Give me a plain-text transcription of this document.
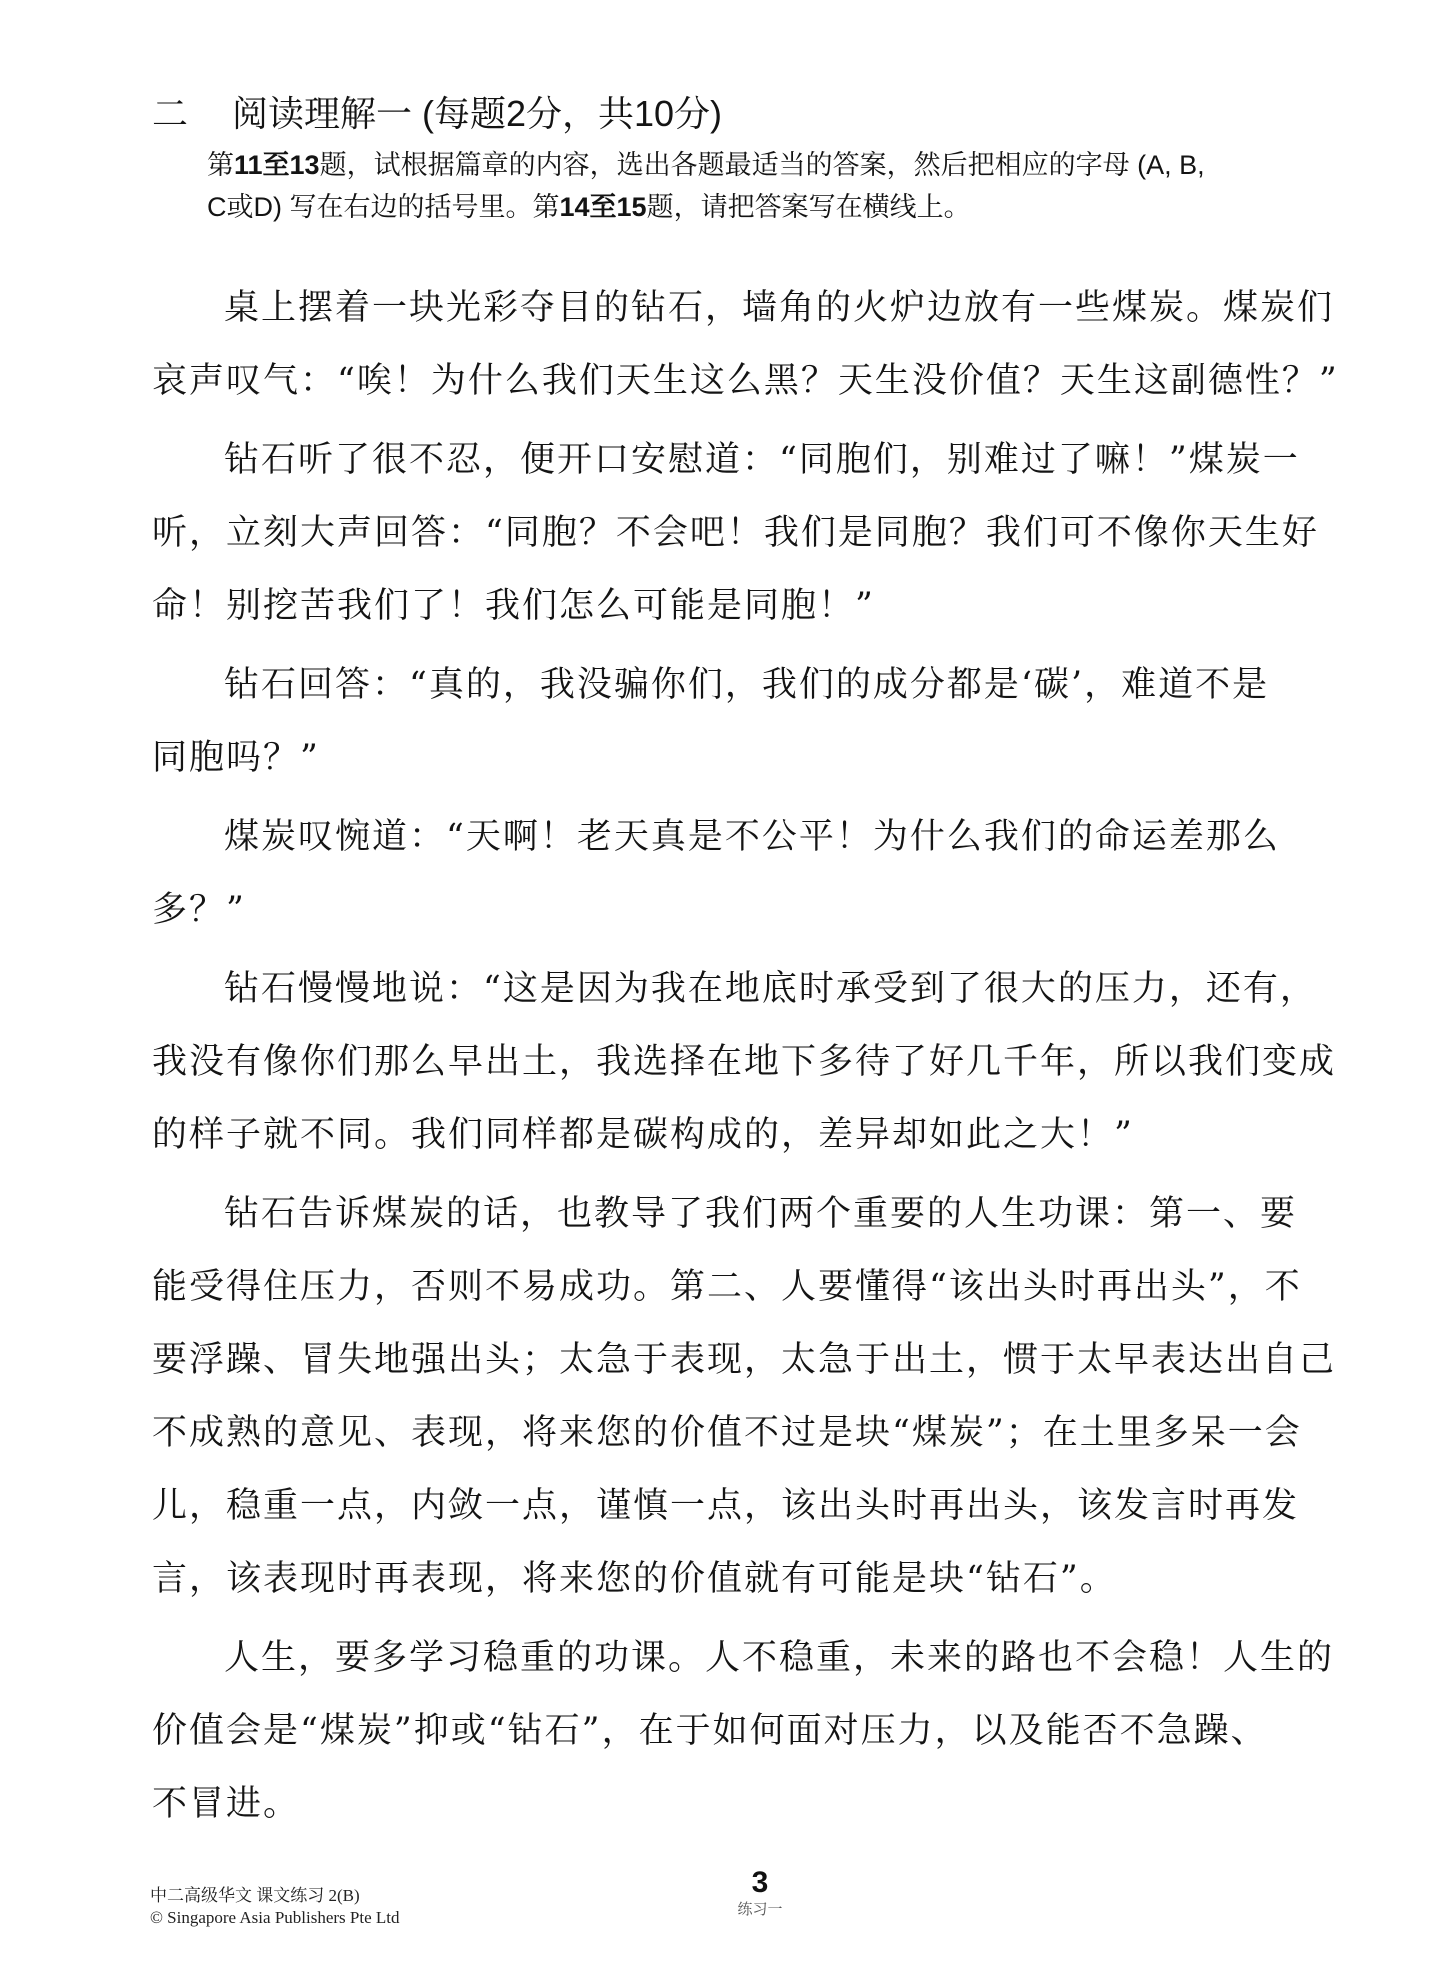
二 阅读理解一 (每题2分，共10分)

第11至13题，试根据篇章的内容，选出各题最适当的答案，然后把相应的字母 (A, B,

C或D) 写在右边的括号里。第14至15题，请把答案写在横线上。

桌上摆着一块光彩夺目的钻石，墙角的火炉边放有一些煤炭。煤炭们
哀声叹气：“唉！为什么我们天生这么黑？天生没价值？天生这副德性？”

钻石听了很不忍，便开口安慰道：“同胞们，别难过了嘛！”煤炭一
听，立刻大声回答：“同胞？不会吧！我们是同胞？我们可不像你天生好
命！别挖苦我们了！我们怎么可能是同胞！”

钻石回答：“真的，我没骗你们，我们的成分都是‘碳’，难道不是
同胞吗？”

煤炭叹惋道：“天啊！老天真是不公平！为什么我们的命运差那么
多？”

钻石慢慢地说：“这是因为我在地底时承受到了很大的压力，还有，
我没有像你们那么早出土，我选择在地下多待了好几千年，所以我们变成
的样子就不同。我们同样都是碳构成的，差异却如此之大！”

钻石告诉煤炭的话，也教导了我们两个重要的人生功课：第一、要
能受得住压力，否则不易成功。第二、人要懂得“该出头时再出头”，不
要浮躁、冒失地强出头；太急于表现，太急于出土，惯于太早表达出自己
不成熟的意见、表现，将来您的价值不过是块“煤炭”；在土里多呆一会
儿，稳重一点，内敛一点，谨慎一点，该出头时再出头，该发言时再发
言，该表现时再表现，将来您的价值就有可能是块“钻石”。

人生，要多学习稳重的功课。人不稳重，未来的路也不会稳！人生的
价值会是“煤炭”抑或“钻石”，在于如何面对压力，以及能否不急躁、
不冒进。

中二高级华文 课文练习 2(B)
© Singapore Asia Publishers Pte Ltd
3
练习一
